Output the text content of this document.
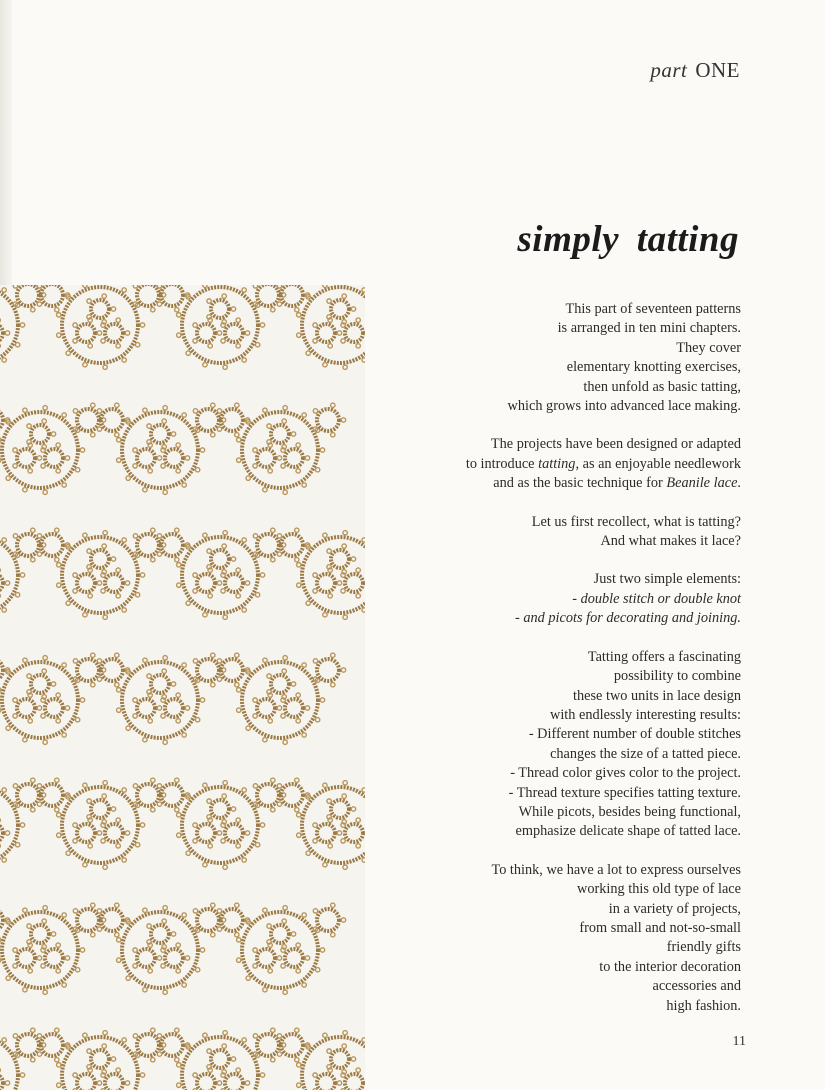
part ONE
simply tatting

This part of seventeen patterns
is arranged in ten mini chapters.
They cover
elementary knotting exercises,
then unfold as basic tatting,
which grows into advanced lace making.

The projects have been designed or adapted
to introduce tatting, as an enjoyable needlework
and as the basic technique for Beanile lace.

Let us first recollect, what is tatting?
And what makes it lace?

Just two simple elements:
- double stitch or double knot
- and picots for decorating and joining.

Tatting offers a fascinating
possibility to combine
these two units in lace design
with endlessly interesting results:
- Different number of double stitches
changes the size of a tatted piece.
- Thread color gives color to the project.
- Thread texture specifies tatting texture.
While picots, besides being functional,
emphasize delicate shape of tatted lace.

To think, we have a lot to express ourselves
working this old type of lace
in a variety of projects,
from small and not-so-small
friendly gifts
to the interior decoration
accessories and
high fashion.

11
